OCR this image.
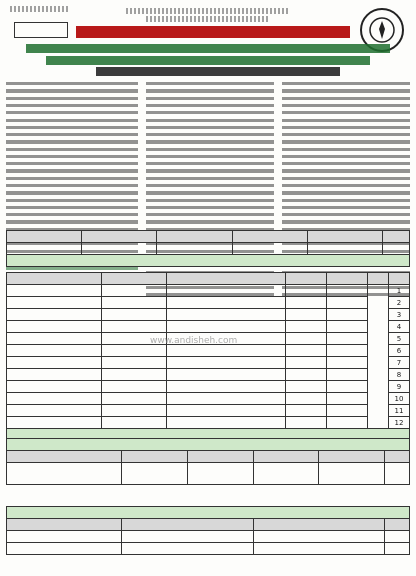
						1
						2
						3
						4
						5
						6
						7
						8
						9
						10
						11
						12

www.andisheh.com
